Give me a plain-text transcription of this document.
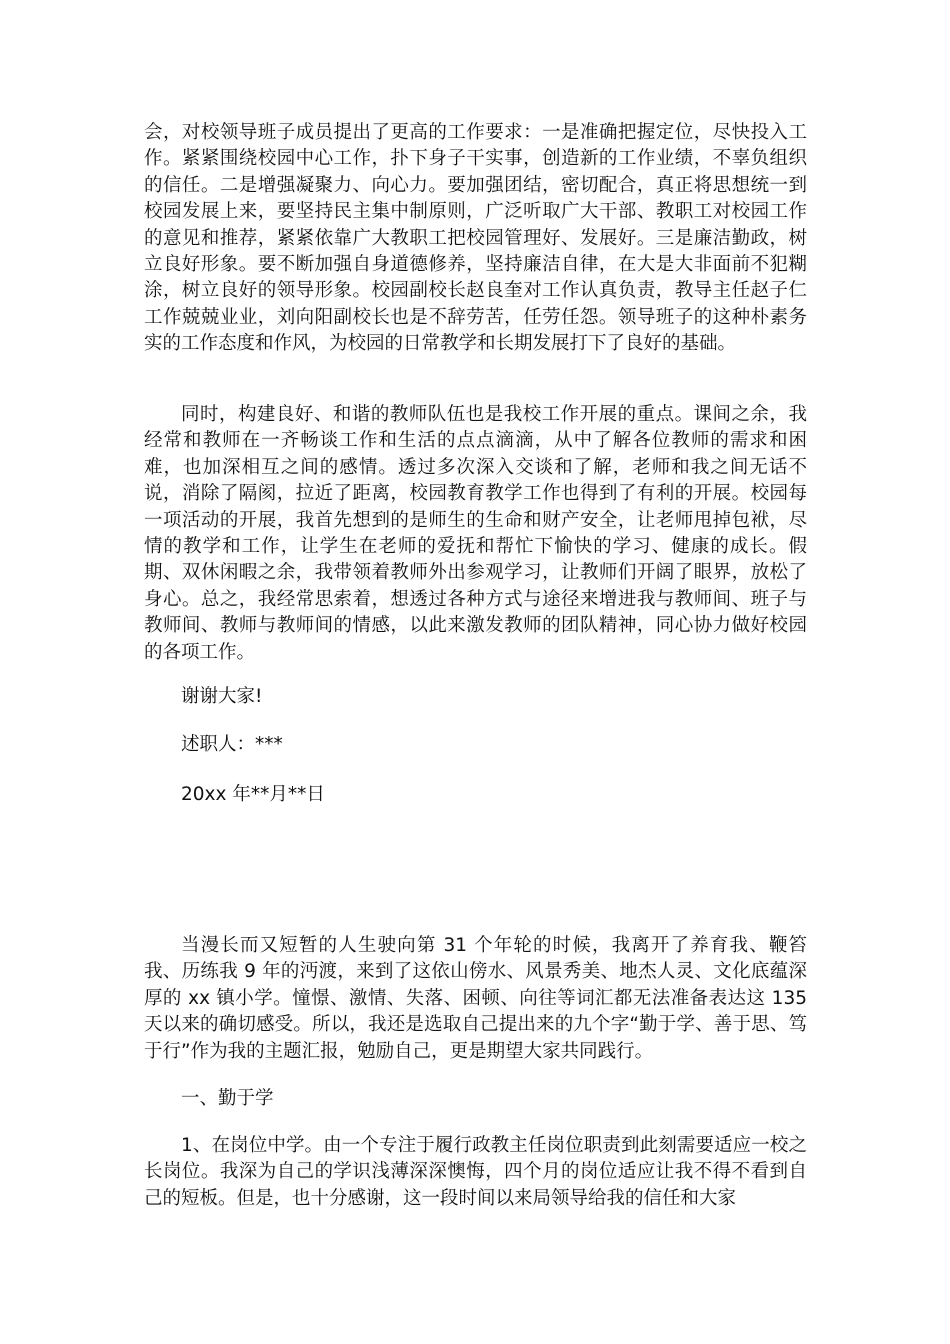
会，对校领导班子成员提出了更高的工作要求：一是准确把握定位，尽快投入工作。紧紧围绕校园中心工作，扑下身子干实事，创造新的工作业绩，不辜负组织的信任。二是增强凝聚力、向心力。要加强团结，密切配合，真正将思想统一到校园发展上来，要坚持民主集中制原则，广泛听取广大干部、教职工对校园工作的意见和推荐，紧紧依靠广大教职工把校园管理好、发展好。三是廉洁勤政，树立良好形象。要不断加强自身道德修养，坚持廉洁自律，在大是大非面前不犯糊涂，树立良好的领导形象。校园副校长赵良奎对工作认真负责，教导主任赵子仁工作兢兢业业，刘向阳副校长也是不辞劳苦，任劳任怨。领导班子的这种朴素务实的工作态度和作风，为校园的日常教学和长期发展打下了良好的基础。

同时，构建良好、和谐的教师队伍也是我校工作开展的重点。课间之余，我经常和教师在一齐畅谈工作和生活的点点滴滴，从中了解各位教师的需求和困难，也加深相互之间的感情。透过多次深入交谈和了解，老师和我之间无话不说，消除了隔阂，拉近了距离，校园教育教学工作也得到了有利的开展。校园每一项活动的开展，我首先想到的是师生的生命和财产安全，让老师甩掉包袱，尽情的教学和工作，让学生在老师的爱抚和帮忙下愉快的学习、健康的成长。假期、双休闲暇之余，我带领着教师外出参观学习，让教师们开阔了眼界，放松了身心。总之，我经常思索着，想透过各种方式与途径来增进我与教师间、班子与教师间、教师与教师间的情感，以此来激发教师的团队精神，同心协力做好校园的各项工作。

谢谢大家!

述职人：***

20xx 年**月**日

当漫长而又短暂的人生驶向第 31 个年轮的时候，我离开了养育我、鞭笞我、历练我 9 年的沔渡，来到了这依山傍水、风景秀美、地杰人灵、文化底蕴深厚的 xx 镇小学。憧憬、激情、失落、困顿、向往等词汇都无法准备表达这 135 天以来的确切感受。所以，我还是选取自己提出来的九个字“勤于学、善于思、笃于行”作为我的主题汇报，勉励自己，更是期望大家共同践行。

一、勤于学

1、在岗位中学。由一个专注于履行政教主任岗位职责到此刻需要适应一校之长岗位。我深为自己的学识浅薄深深懊悔，四个月的岗位适应让我不得不看到自己的短板。但是，也十分感谢，这一段时间以来局领导给我的信任和大家
